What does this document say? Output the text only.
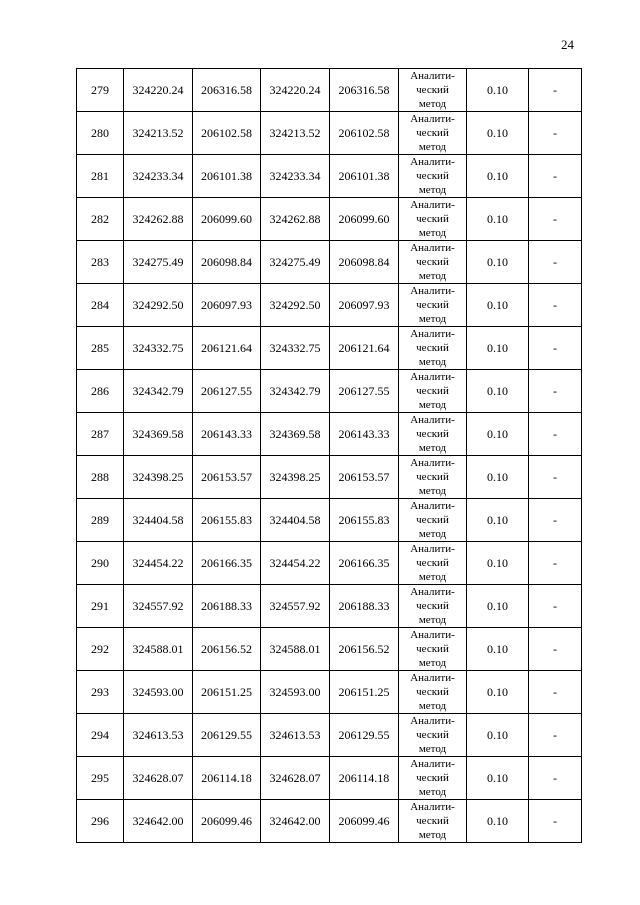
24
279	324220.24	206316.58	324220.24	206316.58	Аналити-
ческий
метод	0.10	-
280	324213.52	206102.58	324213.52	206102.58	Аналити-
ческий
метод	0.10	-
281	324233.34	206101.38	324233.34	206101.38	Аналити-
ческий
метод	0.10	-
282	324262.88	206099.60	324262.88	206099.60	Аналити-
ческий
метод	0.10	-
283	324275.49	206098.84	324275.49	206098.84	Аналити-
ческий
метод	0.10	-
284	324292.50	206097.93	324292.50	206097.93	Аналити-
ческий
метод	0.10	-
285	324332.75	206121.64	324332.75	206121.64	Аналити-
ческий
метод	0.10	-
286	324342.79	206127.55	324342.79	206127.55	Аналити-
ческий
метод	0.10	-
287	324369.58	206143.33	324369.58	206143.33	Аналити-
ческий
метод	0.10	-
288	324398.25	206153.57	324398.25	206153.57	Аналити-
ческий
метод	0.10	-
289	324404.58	206155.83	324404.58	206155.83	Аналити-
ческий
метод	0.10	-
290	324454.22	206166.35	324454.22	206166.35	Аналити-
ческий
метод	0.10	-
291	324557.92	206188.33	324557.92	206188.33	Аналити-
ческий
метод	0.10	-
292	324588.01	206156.52	324588.01	206156.52	Аналити-
ческий
метод	0.10	-
293	324593.00	206151.25	324593.00	206151.25	Аналити-
ческий
метод	0.10	-
294	324613.53	206129.55	324613.53	206129.55	Аналити-
ческий
метод	0.10	-
295	324628.07	206114.18	324628.07	206114.18	Аналити-
ческий
метод	0.10	-
296	324642.00	206099.46	324642.00	206099.46	Аналити-
ческий
метод	0.10	-
